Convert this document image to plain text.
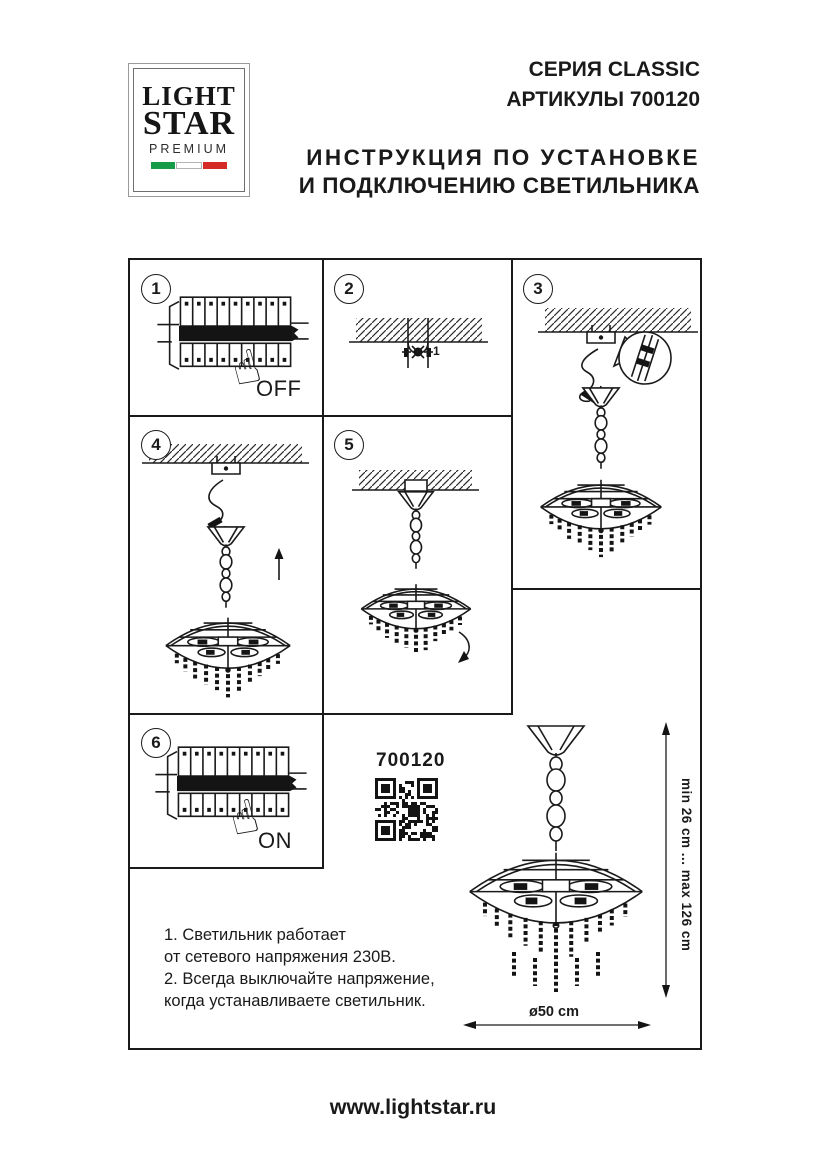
LIGHT
STAR
PREMIUM
СЕРИЯ CLASSIC
АРТИКУЛЫ 700120
ИНСТРУКЦИЯ ПО УСТАНОВКЕ
И ПОДКЛЮЧЕНИЮ СВЕТИЛЬНИКА
1
OFF
2
1
3
4	5
6
ON
700120
min 26 cm ... max 126 cm
ø50 cm
1. Светильник работает
от сетевого напряжения 230В.
2. Всегда выключайте напряжение,
когда устанавливаете светильник.
www.lightstar.ru
